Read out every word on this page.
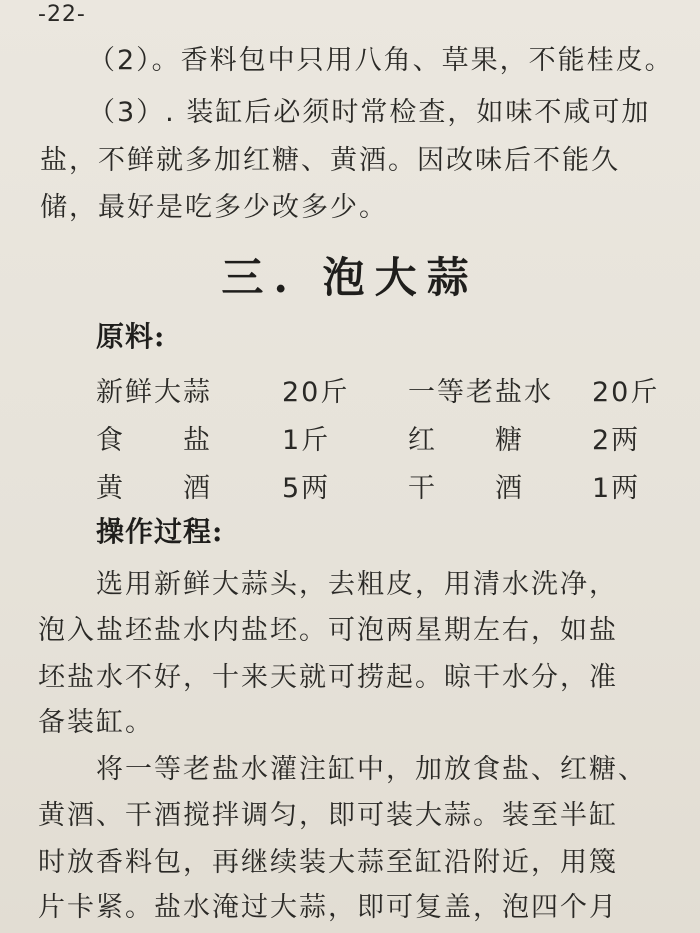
-22-
（2）。香料包中只用八角、草果，不能桂皮。
（3）. 装缸后必须时常检查，如味不咸可加
盐，不鲜就多加红糖、黄酒。因改味后不能久
储，最好是吃多少改多少。
三. 泡大蒜
原料:
新鲜大蒜	20斤 一等老盐水 20斤
食　　盐	1斤	红　　糖	2两
黄　　酒	5两	干　　酒	1两
操作过程:
选用新鲜大蒜头，去粗皮，用清水洗净，
泡入盐坯盐水内盐坯。可泡两星期左右，如盐
坯盐水不好，十来天就可捞起。晾干水分，准
备装缸。
将一等老盐水灌注缸中，加放食盐、红糖、
黄酒、干酒搅拌调匀，即可装大蒜。装至半缸
时放香料包，再继续装大蒜至缸沿附近，用篾
片卡紧。盐水淹过大蒜，即可复盖，泡四个月
